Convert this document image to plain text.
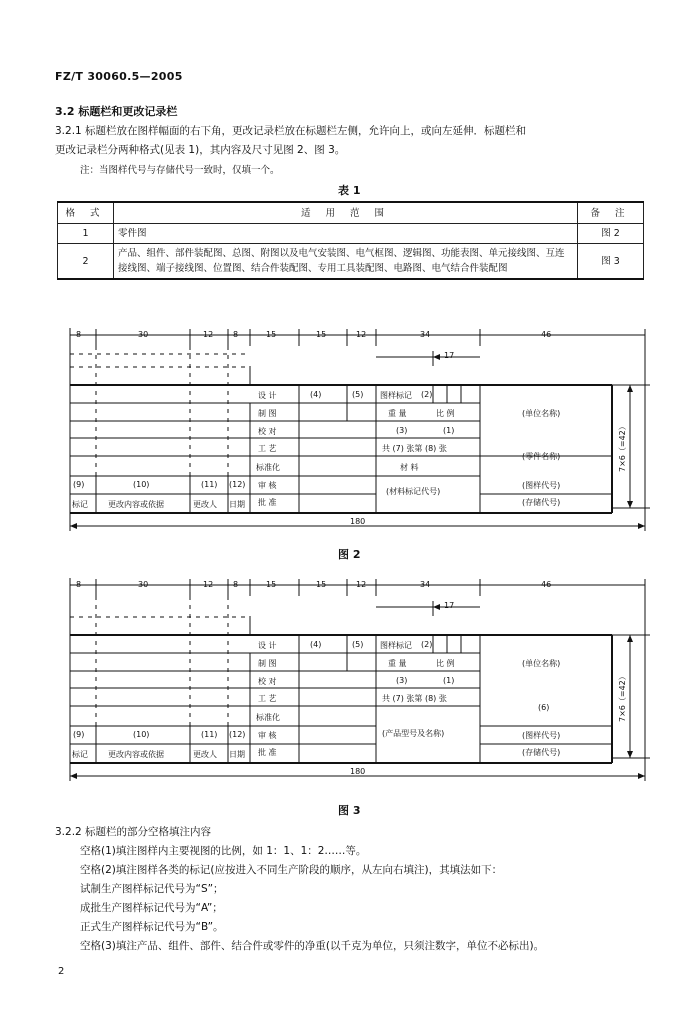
FZ/T 30060.5—2005
3.2 标题栏和更改记录栏
3.2.1 标题栏放在图样幅面的右下角，更改记录栏放在标题栏左侧，允许向上，或向左延伸．标题栏和
更改记录栏分两种格式(见表 1)，其内容及尺寸见图 2、图 3。
注：当图样代号与存储代号一致时，仅填一个。
表 1
格 式	适 用 范 围	备 注
1	零件图	图 2
2	产品、组件、部件装配图、总图、附图以及电气安装图、电气框图、逻辑图、功能表图、单元接线图、互连接线图、端子接线图、位置图、结合件装配图、专用工具装配图、电路图、电气结合件装配图	图 3
8	30	12 8	15	15	12	34	46
17
(9)	(10)	(11) (12)
标记	更改内容或依据	更改人 日期
设 计
制 图
校 对
工 艺
标准化
审 核
批 准
(4)	(5) 图样标记 (2)
重 量	比 例
(3)	(1)
共 (7) 张第 (8) 张
材 料
(材料标记代号)
(单位名称)
(零件名称)
(图样代号)
(存储代号)
180
7×6（=42）
图 2
8	30	12 8	15	15	12	34	46
17
(9)	(10)	(11) (12)
标记	更改内容或依据	更改人 日期
设 计
制 图
校 对
工 艺
标准化
审 核
批 准
(4)	(5) 图样标记 (2)
重 量	比 例
(3)	(1)
共 (7) 张第 (8) 张
(产品型号及名称)
(单位名称)
(6)
(图样代号)
(存储代号)
180
7×6（=42）
图 3
3.2.2 标题栏的部分空格填注内容
空格(1)填注图样内主要视图的比例，如 1：1、1：2……等。
空格(2)填注图样各类的标记(应按进入不同生产阶段的顺序，从左向右填注)，其填法如下：
试制生产图样标记代号为“S”；
成批生产图样标记代号为“A”；
正式生产图样标记代号为“B”。
空格(3)填注产品、组件、部件、结合件或零件的净重(以千克为单位，只须注数字，单位不必标出)。
2
